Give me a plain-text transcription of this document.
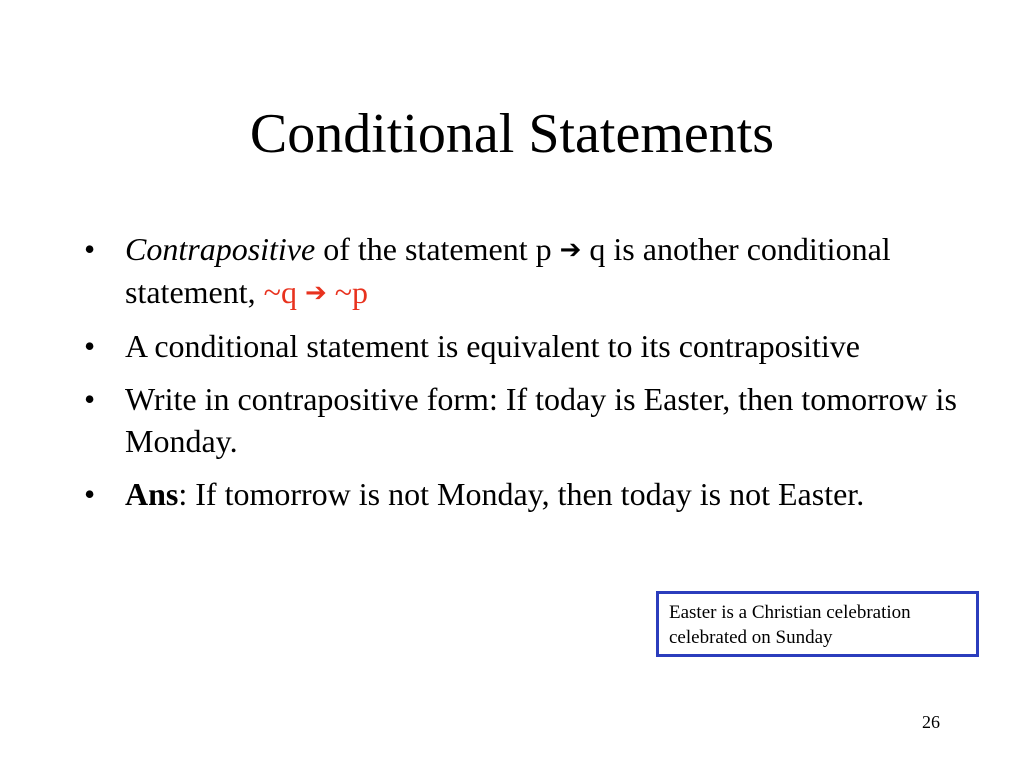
Conditional Statements
• Contrapositive of the statement p ➔ q is another conditional statement, ~q ➔ ~p
• A conditional statement is equivalent to its contrapositive
• Write in contrapositive form: If today is Easter, then tomorrow is Monday.
• Ans: If tomorrow is not Monday, then today is not Easter.
Easter is a Christian celebration
celebrated on Sunday
26
